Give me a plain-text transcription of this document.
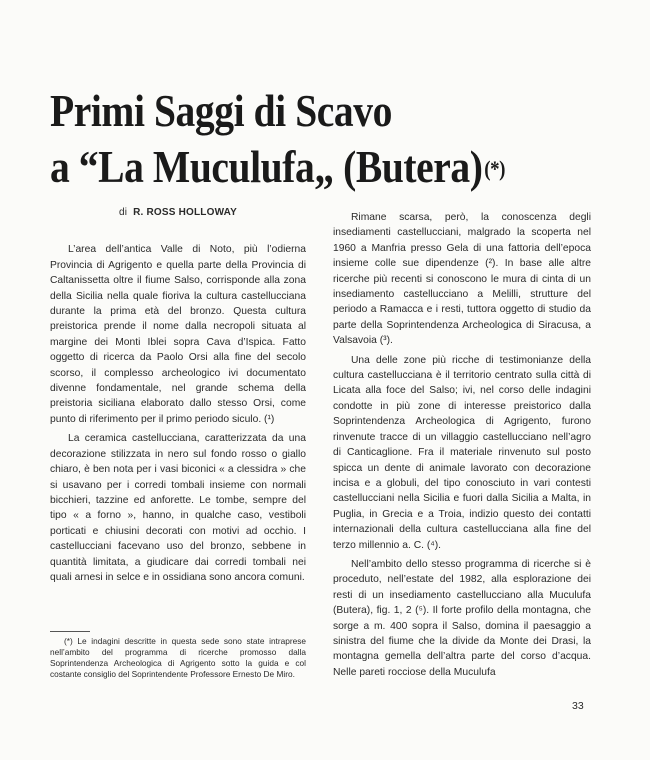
Primi Saggi di Scavo
a “La Muculufa„ (Butera)(*)
di R. ROSS HOLLOWAY

L’area dell’antica Valle di Noto, più l’odierna Provincia di Agrigento e quella parte della Provincia di Caltanissetta oltre il fiume Salso, corrisponde alla zona della Sicilia nella quale fioriva la cultura castellucciana durante la prima età del bronzo. Questa cultura preistorica prende il nome dalla necropoli situata al margine dei Monti Iblei sopra Cava d’Ispica. Fatto oggetto di ricerca da Paolo Orsi alla fine del secolo scorso, il complesso archeologico ivi documentato divenne fondamentale, nel grande schema della preistoria siciliana elaborato dallo stesso Orsi, come punto di riferimento per il primo periodo siculo. (¹)

La ceramica castellucciana, caratterizzata da una decorazione stilizzata in nero sul fondo rosso o giallo chiaro, è ben nota per i vasi biconici « a clessidra » che si usavano per i corredi tombali insieme con normali bicchieri, tazzine ed anforette. Le tombe, sempre del tipo « a forno », hanno, in qualche caso, vestiboli porticati e chiusini decorati con motivi ad occhio. I castellucciani facevano uso del bronzo, sebbene in quantità limitata, a giudicare dai corredi tombali nei quali arnesi in selce e in ossidiana sono ancora comuni.

(*) Le indagini descritte in questa sede sono state intraprese nell’ambito del programma di ricerche promosso dalla Soprintendenza Archeologica di Agrigento sotto la guida e col costante consiglio del Soprintendente Professore Ernesto De Miro.

Rimane scarsa, però, la conoscenza degli insediamenti castellucciani, malgrado la scoperta nel 1960 a Manfria presso Gela di una fattoria dell’epoca insieme colle sue dipendenze (²). In base alle altre ricerche più recenti si conoscono le mura di cinta di un insediamento castellucciano a Melilli, strutture del periodo a Ramacca e i resti, tuttora oggetto di studio da parte della Soprintendenza Archeologica di Siracusa, a Valsavoia (³).

Una delle zone più ricche di testimonianze della cultura castellucciana è il territorio centrato sulla città di Licata alla foce del Salso; ivi, nel corso delle indagini condotte in più zone di interesse preistorico dalla Soprintendenza Archeologica di Agrigento, furono rinvenute tracce di un villaggio castellucciano nell’agro di Canticaglione. Fra il materiale rinvenuto sul posto spicca un dente di animale lavorato con decorazione incisa e a globuli, del tipo conosciuto in vari contesti castellucciani nella Sicilia e fuori dalla Sicilia a Malta, in Puglia, in Grecia e a Troia, indizio questo dei contatti internazionali della cultura castellucciana alla fine del terzo millennio a. C. (⁴).

Nell’ambito dello stesso programma di ricerche si è proceduto, nell’estate del 1982, alla esplorazione dei resti di un insediamento castellucciano alla Muculufa (Butera), fig. 1, 2 (⁵). Il forte profilo della montagna, che sorge a m. 400 sopra il Salso, domina il paesaggio a sinistra del fiume che la divide da Monte dei Drasi, la montagna gemella dell’altra parte del corso d’acqua. Nelle pareti rocciose della Muculufa

33
